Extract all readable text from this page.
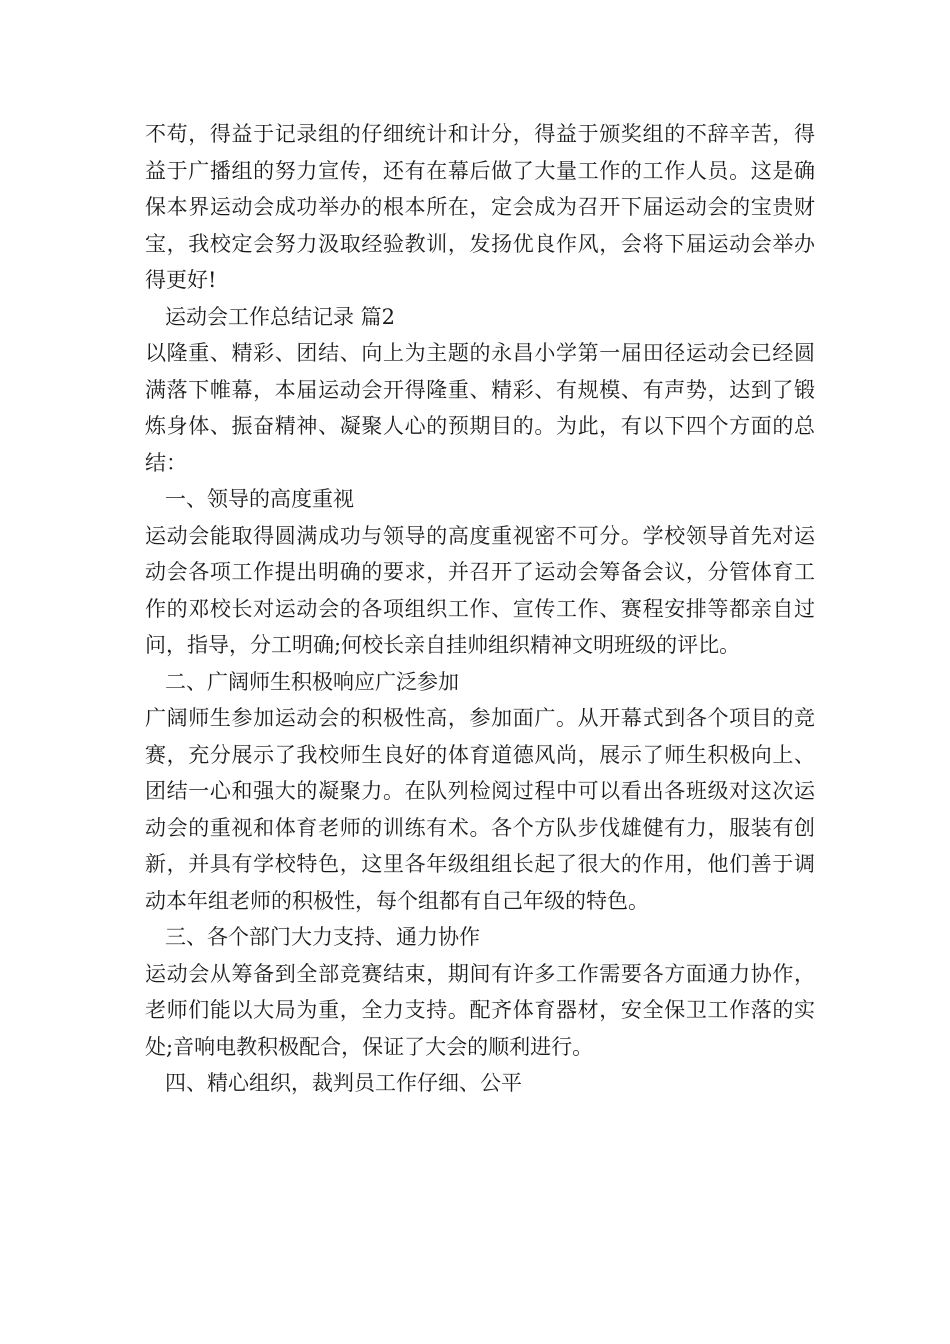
不苟，得益于记录组的仔细统计和计分，得益于颁奖组的不辞辛苦，得益于广播组的努力宣传，还有在幕后做了大量工作的工作人员。这是确保本界运动会成功举办的根本所在，定会成为召开下届运动会的宝贵财宝，我校定会努力汲取经验教训，发扬优良作风，会将下届运动会举办得更好!

运动会工作总结记录 篇2

以隆重、精彩、团结、向上为主题的永昌小学第一届田径运动会已经圆满落下帷幕，本届运动会开得隆重、精彩、有规模、有声势，达到了锻炼身体、振奋精神、凝聚人心的预期目的。为此，有以下四个方面的总结：

一、领导的高度重视

运动会能取得圆满成功与领导的高度重视密不可分。学校领导首先对运动会各项工作提出明确的要求，并召开了运动会筹备会议，分管体育工作的邓校长对运动会的各项组织工作、宣传工作、赛程安排等都亲自过问，指导，分工明确;何校长亲自挂帅组织精神文明班级的评比。

二、广阔师生积极响应广泛参加

广阔师生参加运动会的积极性高，参加面广。从开幕式到各个项目的竞赛，充分展示了我校师生良好的体育道德风尚，展示了师生积极向上、团结一心和强大的凝聚力。在队列检阅过程中可以看出各班级对这次运动会的重视和体育老师的训练有术。各个方队步伐雄健有力，服装有创新，并具有学校特色，这里各年级组组长起了很大的作用，他们善于调动本年组老师的积极性，每个组都有自己年级的特色。

三、各个部门大力支持、通力协作

运动会从筹备到全部竞赛结束，期间有许多工作需要各方面通力协作，老师们能以大局为重，全力支持。配齐体育器材，安全保卫工作落的实处;音响电教积极配合，保证了大会的顺利进行。

四、精心组织，裁判员工作仔细、公平
